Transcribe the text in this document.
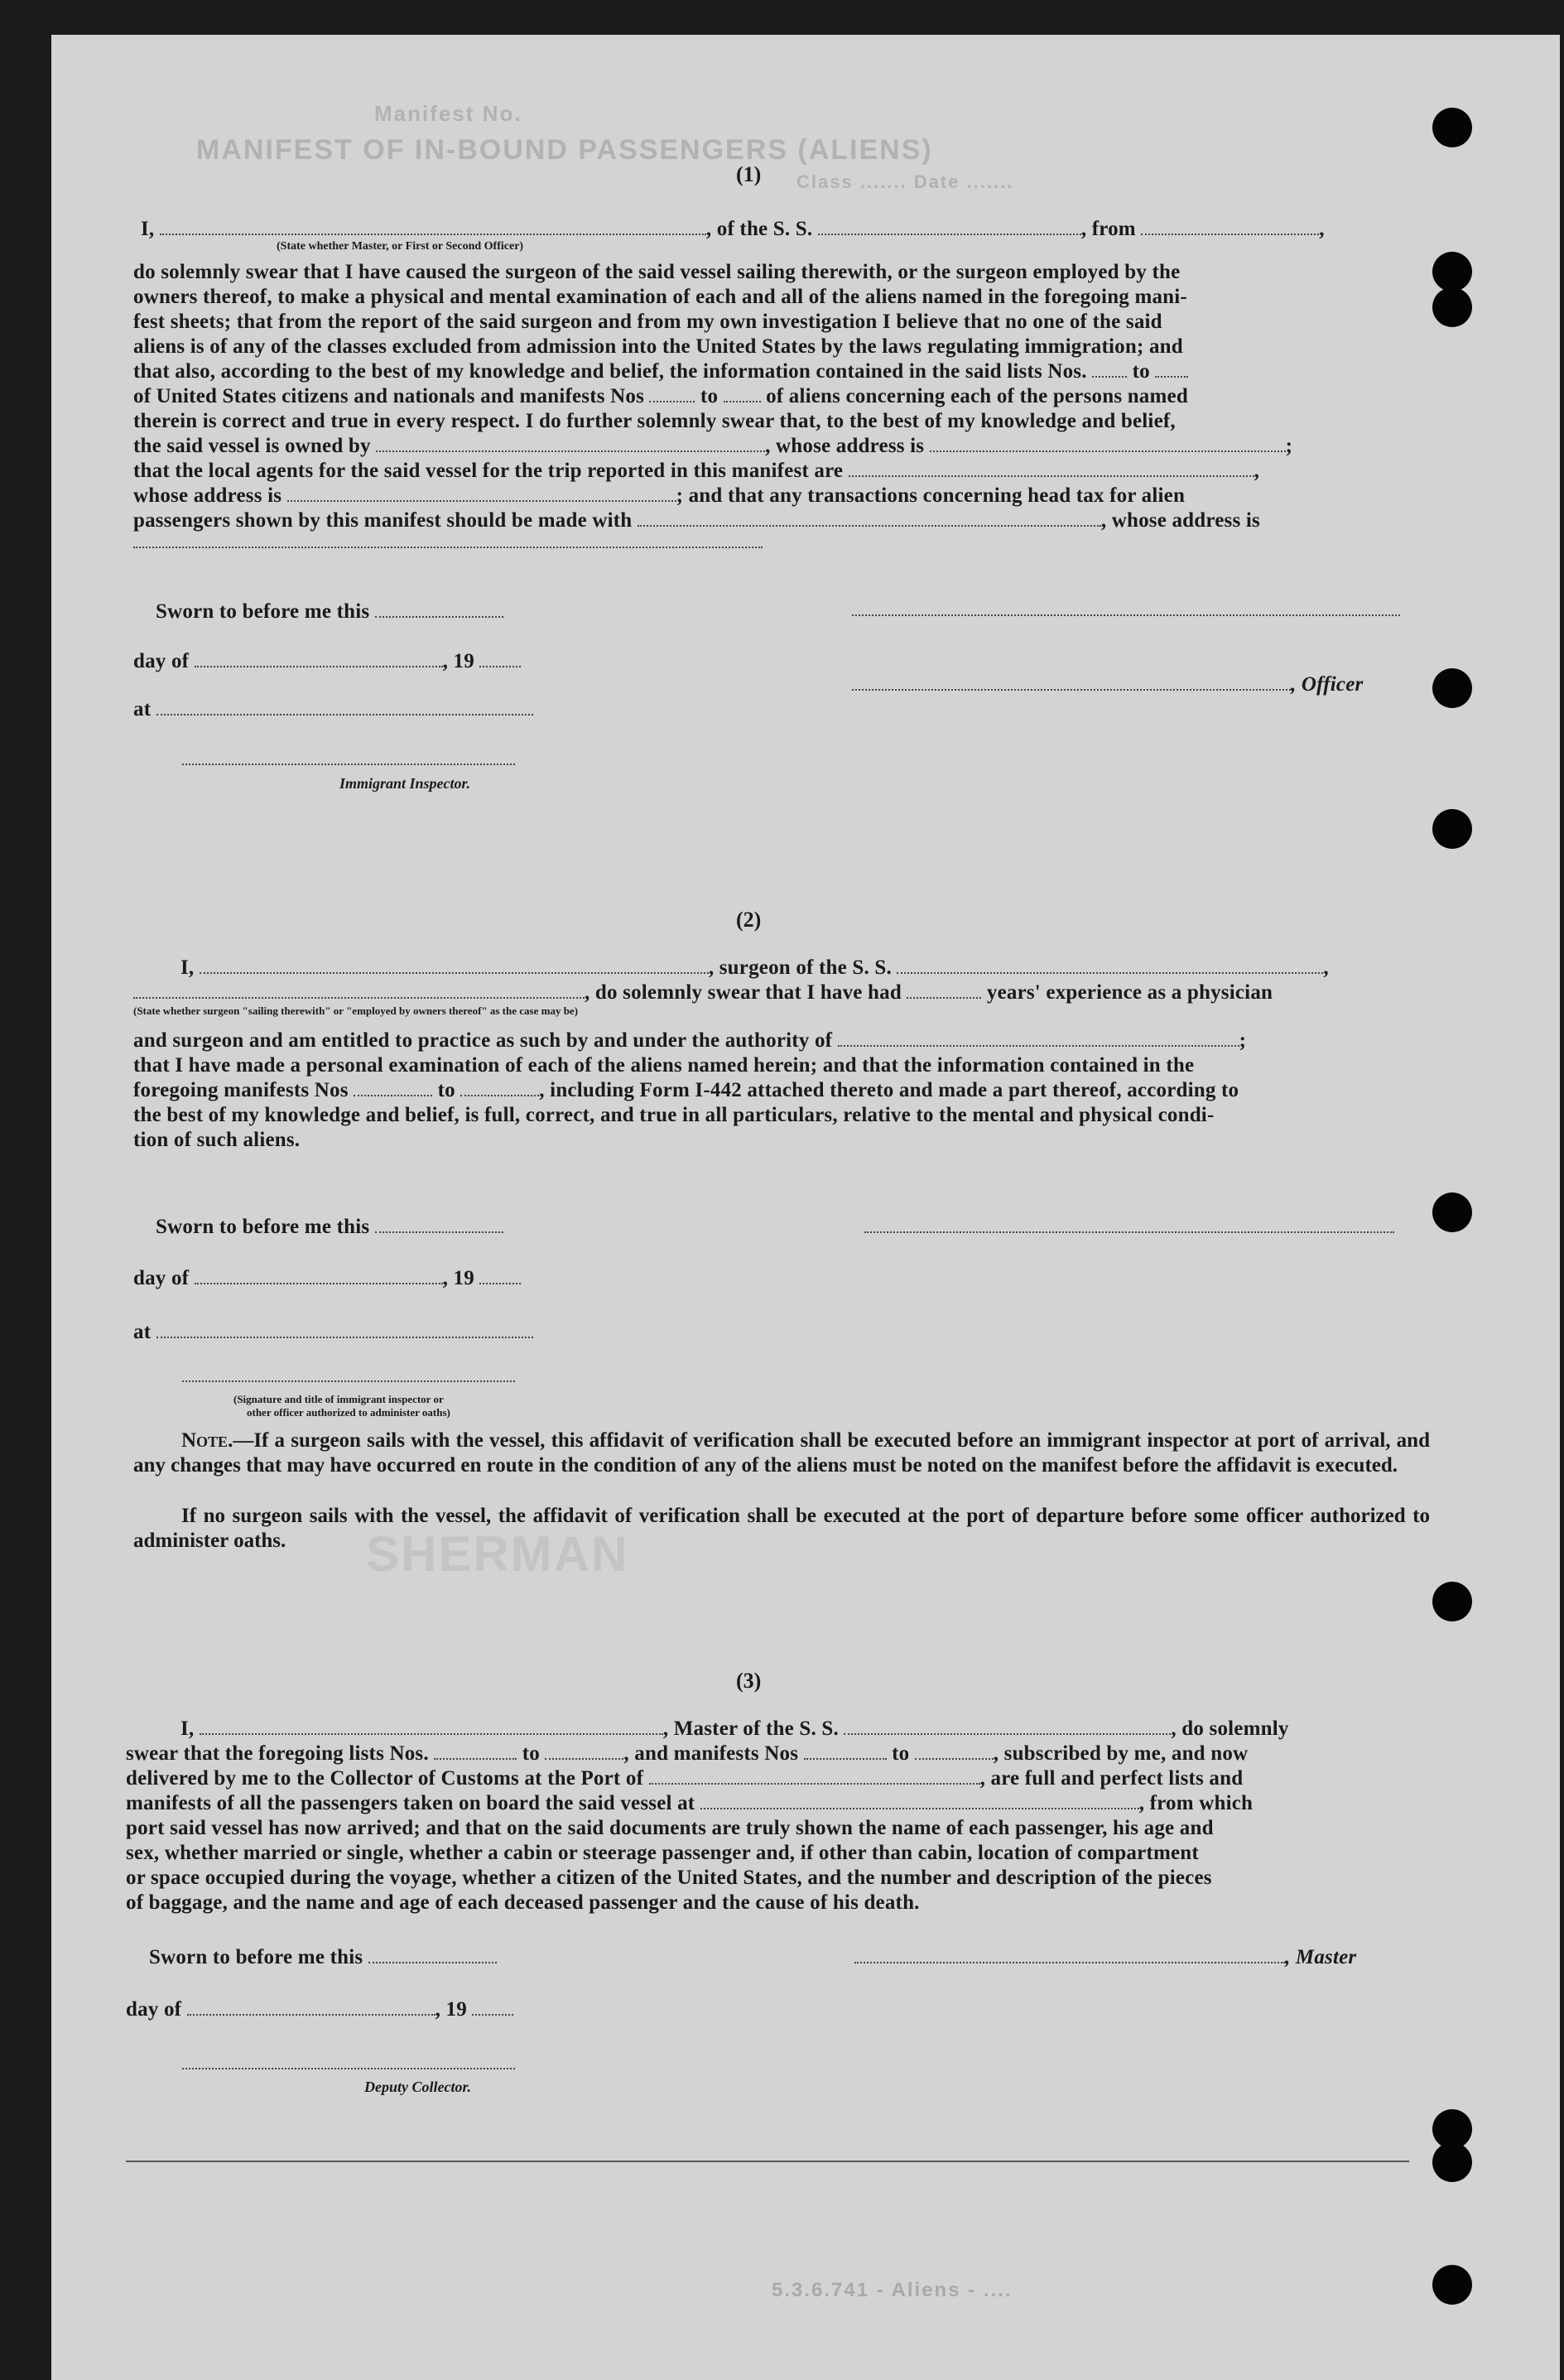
Manifest No.
MANIFEST OF IN-BOUND PASSENGERS (ALIENS)
Class ....... Date .......
SHERMAN
(1)
I,	, of the S. S.	, from	,
(State whether Master, or First or Second Officer)
do solemnly swear that I have caused the surgeon of the said vessel sailing therewith, or the surgeon employed by the
owners thereof, to make a physical and mental examination of each and all of the aliens named in the foregoing mani-
fest sheets; that from the report of the said surgeon and from my own investigation I believe that no one of the said
aliens is of any of the classes excluded from admission into the United States by the laws regulating immigration; and
that also, according to the best of my knowledge and belief, the information contained in the said lists Nos. to
of United States citizens and nationals and manifests Nos	to of aliens concerning each of the persons named
therein is correct and true in every respect. I do further solemnly swear that, to the best of my knowledge and belief,
the said vessel is owned by	, whose address is	;
that the local agents for the said vessel for the trip reported in this manifest are	,
whose address is	; and that any transactions concerning head tax for alien
passengers shown by this manifest should be made with	, whose address is
Sworn to before me this
day of	, 19
, Officer
at
Immigrant Inspector.
(2)
I,	, surgeon of the S. S.	,
, do solemnly swear that I have had	years' experience as a physician
(State whether surgeon "sailing therewith" or "employed by owners thereof" as the case may be)
and surgeon and am entitled to practice as such by and under the authority of	;
that I have made a personal examination of each of the aliens named herein; and that the information contained in the
foregoing manifests Nos	to	, including Form I-442 attached thereto and made a part thereof, according to
the best of my knowledge and belief, is full, correct, and true in all particulars, relative to the mental and physical condi-
tion of such aliens.
Sworn to before me this
day of	, 19
at
(Signature and title of immigrant inspector or
other officer authorized to administer oaths)
Note.—If a surgeon sails with the vessel, this affidavit of verification shall be executed before an immigrant inspector at port of arrival, and any changes that may have occurred en route in the condition of any of the aliens must be noted on the manifest before the affidavit is executed.
If no surgeon sails with the vessel, the affidavit of verification shall be executed at the port of departure before some officer authorized to administer oaths.
(3)
I,	, Master of the S. S.	, do solemnly
swear that the foregoing lists Nos.	to	, and manifests Nos	to	, subscribed by me, and now
delivered by me to the Collector of Customs at the Port of	, are full and perfect lists and
manifests of all the passengers taken on board the said vessel at	, from which
port said vessel has now arrived; and that on the said documents are truly shown the name of each passenger, his age and
sex, whether married or single, whether a cabin or steerage passenger and, if other than cabin, location of compartment
or space occupied during the voyage, whether a citizen of the United States, and the number and description of the pieces
of baggage, and the name and age of each deceased passenger and the cause of his death.
Sworn to before me this	, Master
day of	, 19
Deputy Collector.
5.3.6.741 - Aliens - ....
